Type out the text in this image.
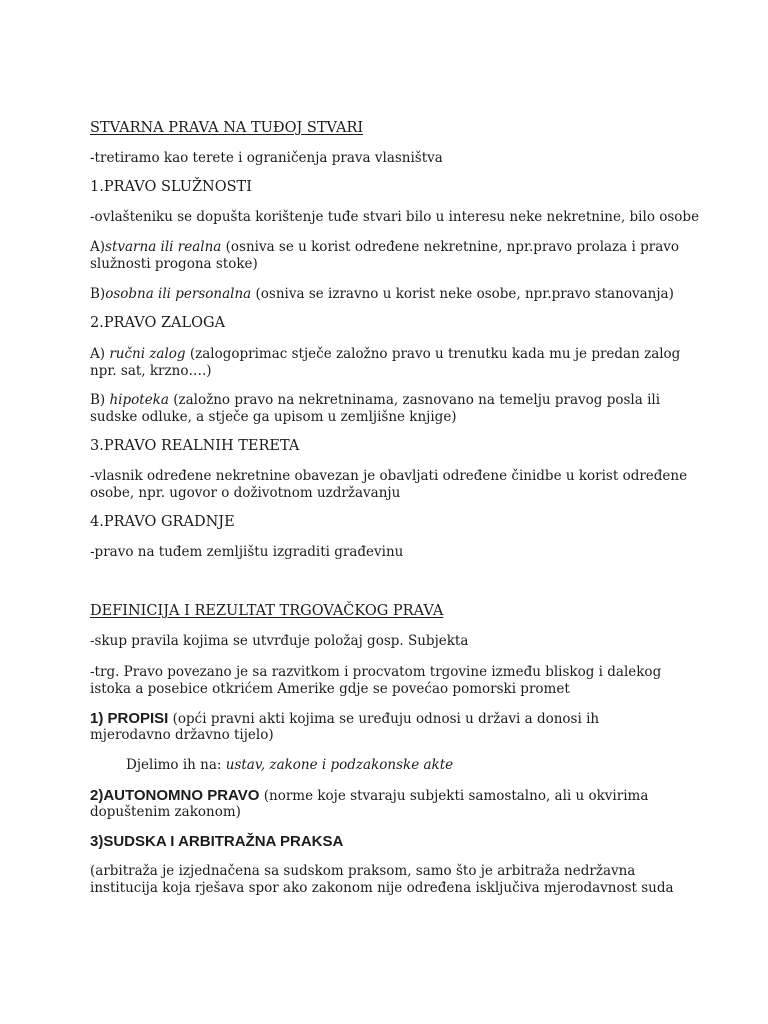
STVARNA PRAVA NA TUĐOJ STVARI
-tretiramo kao terete i ograničenja prava vlasništva
1.PRAVO SLUŽNOSTI
-ovlašteniku se dopušta korištenje tuđe stvari bilo u interesu neke nekretnine, bilo osobe
A)stvarna ili realna (osniva se u korist određene nekretnine, npr.pravo prolaza i pravo
služnosti progona stoke)
B)osobna ili personalna (osniva se izravno u korist neke osobe, npr.pravo stanovanja)
2.PRAVO ZALOGA
A) ručni zalog (zalogoprimac stječe založno pravo u trenutku kada mu je predan zalog
npr. sat, krzno….)
B) hipoteka (založno pravo na nekretninama, zasnovano na temelju pravog posla ili
sudske odluke, a stječe ga upisom u zemljišne knjige)
3.PRAVO REALNIH TERETA
-vlasnik određene nekretnine obavezan je obavljati određene činidbe u korist određene
osobe, npr. ugovor o doživotnom uzdržavanju
4.PRAVO GRADNJE
-pravo na tuđem zemljištu izgraditi građevinu
DEFINICIJA I REZULTAT TRGOVAČKOG PRAVA
-skup pravila kojima se utvrđuje položaj gosp. Subjekta
-trg. Pravo povezano je sa razvitkom i procvatom trgovine između bliskog i dalekog
istoka a posebice otkrićem Amerike gdje se povećao pomorski promet
1) PROPISI (opći pravni akti kojima se uređuju odnosi u državi a donosi ih
mjerodavno državno tijelo)
Djelimo ih na: ustav, zakone i podzakonske akte
2)AUTONOMNO PRAVO (norme koje stvaraju subjekti samostalno, ali u okvirima
dopuštenim zakonom)
3)SUDSKA I ARBITRAŽNA PRAKSA
(arbitraža je izjednačena sa sudskom praksom, samo što je arbitraža nedržavna
institucija koja rješava spor ako zakonom nije određena isključiva mjerodavnost suda
